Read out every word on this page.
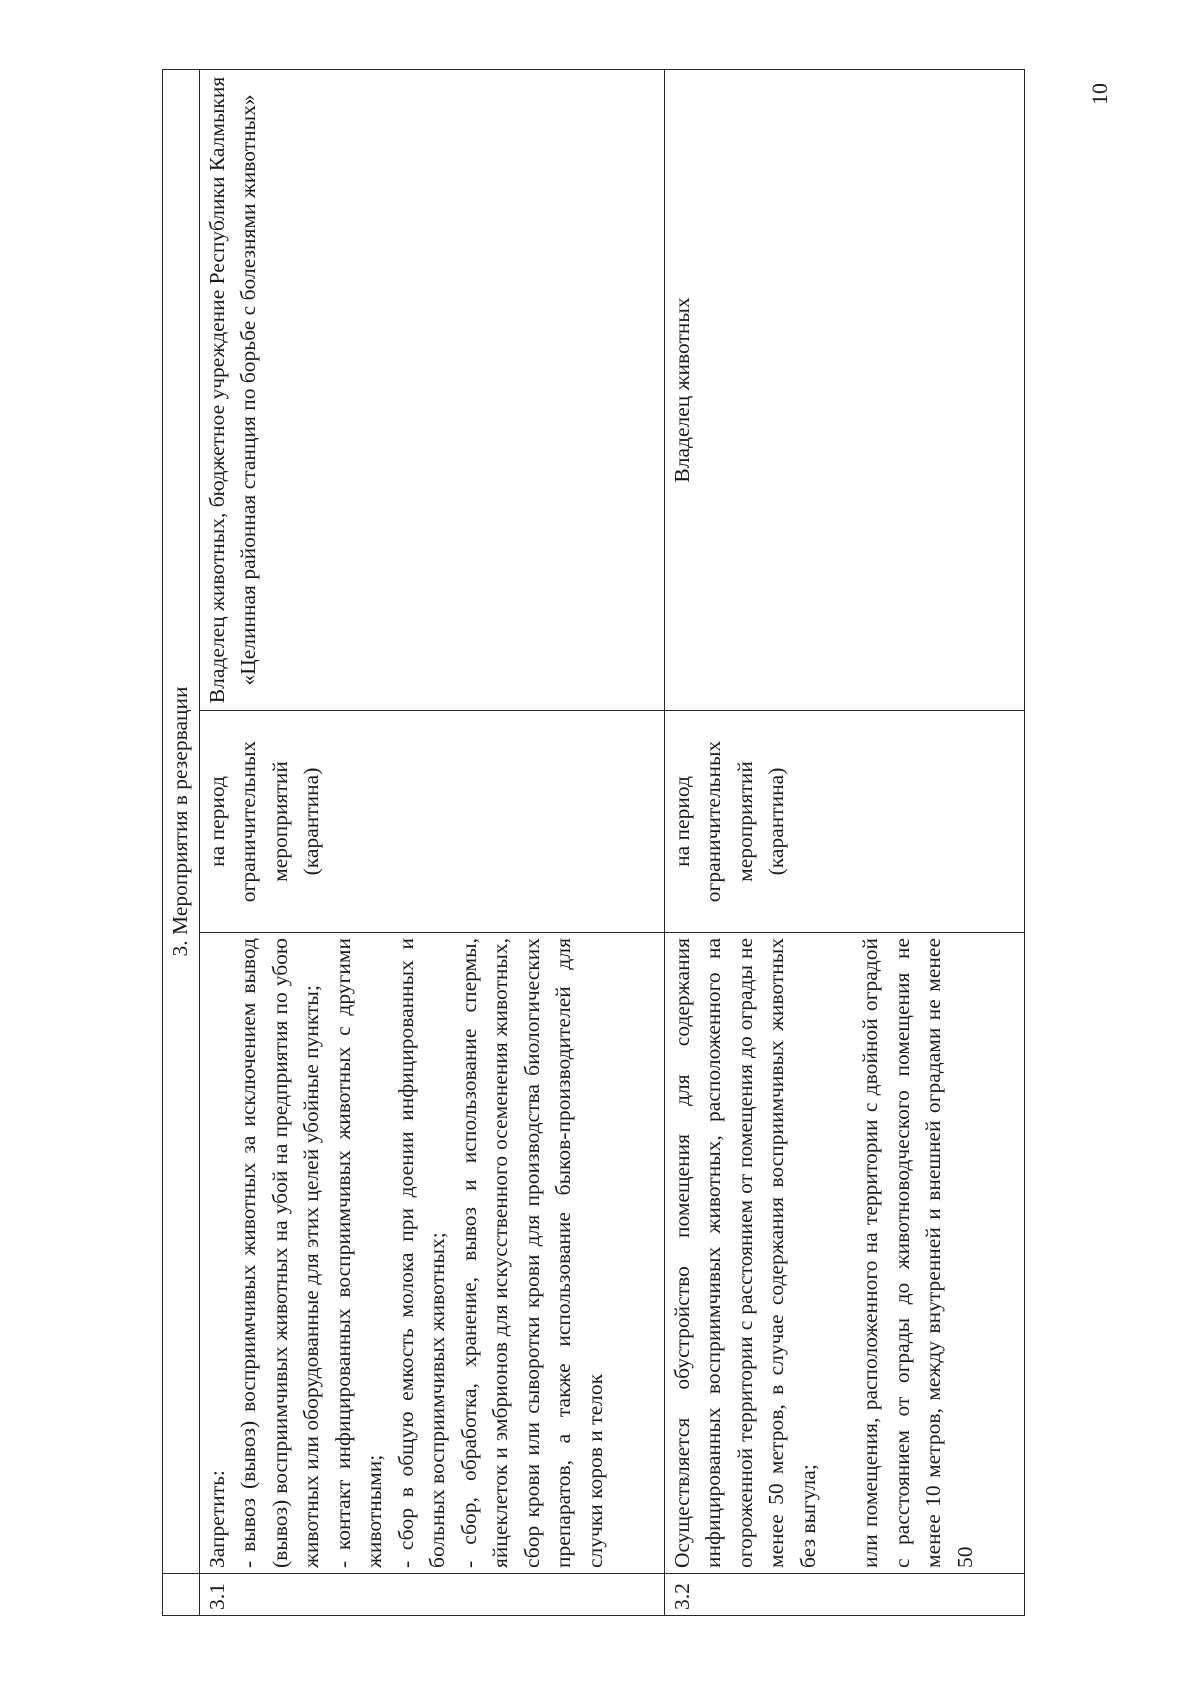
10
	3. Мероприятия в резервации		
3.1	Запретить: - вывоз (вывоз) восприимчивых животных за исключением вывод (вывоз) восприимчивых животных на убой на предприятия по убою животных или оборудованные для этих целей убойные пункты; - контакт инфицированных восприимчивых животных с другими животными; - сбор в общую емкость молока при доении инфицированных и больных восприимчивых животных; - сбор, обработка, хранение, вывоз и использование спермы, яйцеклеток и эмбрионов для искусственного осеменения животных, сбор крови или сыворотки крови для производства биологических препаратов, а также использование быков-производителей для случки коров и телок	на период ограничительных мероприятий (карантина)	Владелец животных, бюджетное учреждение Республики Калмыкия «Целинная районная станция по борьбе с болезнями животных»
3.2	Осуществляется обустройство помещения для содержания инфицированных восприимчивых животных, расположенного на огороженной территории с расстоянием от помещения до ограды не менее 50 метров, в случае содержания восприимчивых животных без выгула; или помещения, расположенного на территории с двойной оградой с расстоянием от ограды до животноводческого помещения не менее 10 метров, между внутренней и внешней оградами не менее 50	на период ограничительных мероприятий (карантина)	Владелец животных
